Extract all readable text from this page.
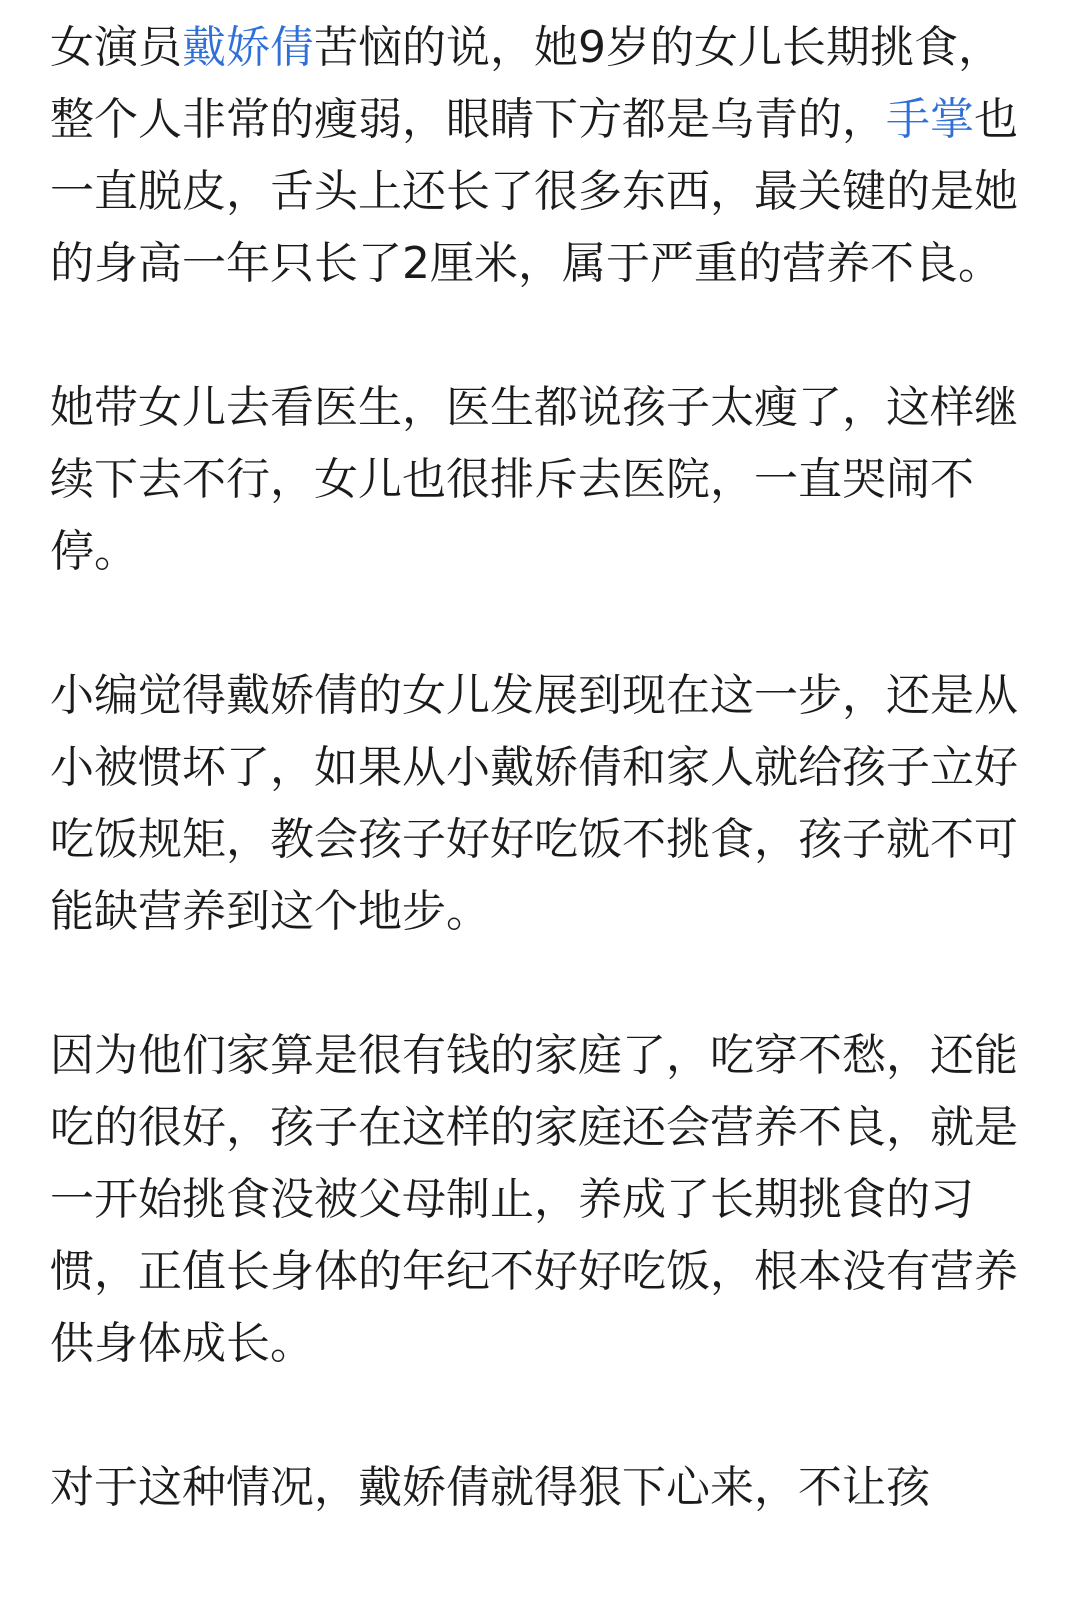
女演员戴娇倩苦恼的说，她9岁的女儿长期挑食，整个人非常的瘦弱，眼睛下方都是乌青的，手掌也一直脱皮，舌头上还长了很多东西，最关键的是她的身高一年只长了2厘米，属于严重的营养不良。

她带女儿去看医生，医生都说孩子太瘦了，这样继续下去不行，女儿也很排斥去医院，一直哭闹不停。

小编觉得戴娇倩的女儿发展到现在这一步，还是从小被惯坏了，如果从小戴娇倩和家人就给孩子立好吃饭规矩，教会孩子好好吃饭不挑食，孩子就不可能缺营养到这个地步。

因为他们家算是很有钱的家庭了，吃穿不愁，还能吃的很好，孩子在这样的家庭还会营养不良，就是一开始挑食没被父母制止，养成了长期挑食的习惯，正值长身体的年纪不好好吃饭，根本没有营养供身体成长。

对于这种情况，戴娇倩就得狠下心来，不让孩
